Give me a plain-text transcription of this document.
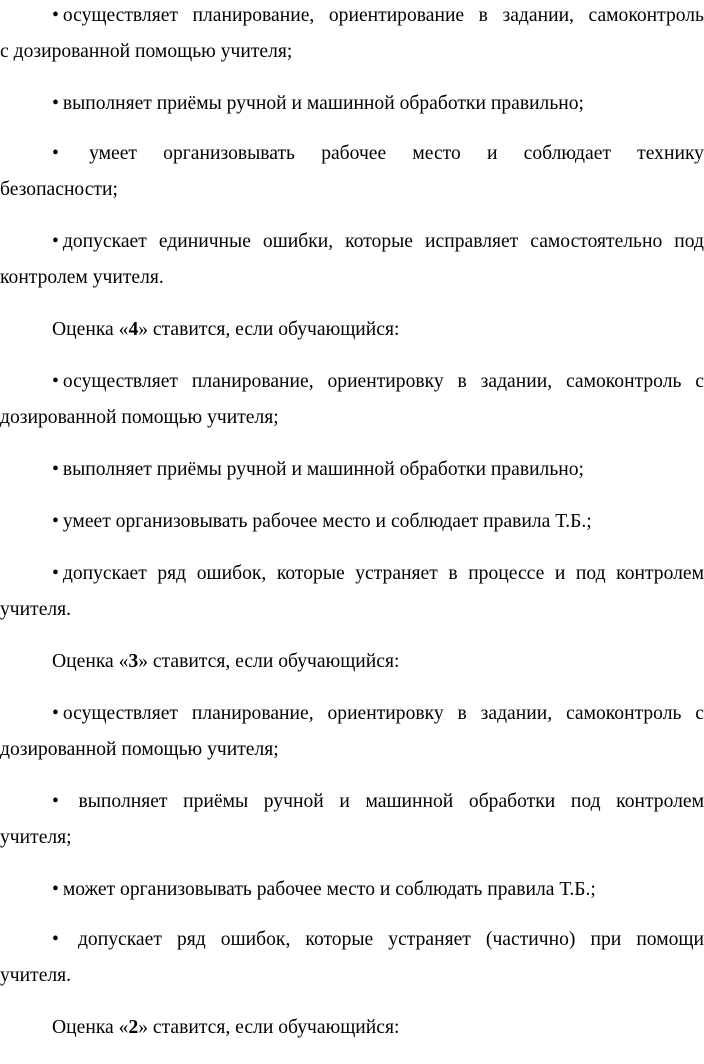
• осуществляет планирование, ориентирование в задании, самоконтроль
с дозированной помощью учителя;
• выполняет приёмы ручной и машинной обработки правильно;
• умеет организовывать рабочее место и соблюдает технику
безопасности;
• допускает единичные ошибки, которые исправляет самостоятельно под
контролем учителя.
Оценка «4» ставится, если обучающийся:
• осуществляет планирование, ориентировку в задании, самоконтроль с
дозированной помощью учителя;
• выполняет приёмы ручной и машинной обработки правильно;
• умеет организовывать рабочее место и соблюдает правила Т.Б.;
• допускает ряд ошибок, которые устраняет в процессе и под контролем
учителя.
Оценка «3» ставится, если обучающийся:
• осуществляет планирование, ориентировку в задании, самоконтроль с
дозированной помощью учителя;
• выполняет приёмы ручной и машинной обработки под контролем
учителя;
• может организовывать рабочее место и соблюдать правила Т.Б.;
• допускает ряд ошибок, которые устраняет (частично) при помощи
учителя.
Оценка «2» ставится, если обучающийся:
